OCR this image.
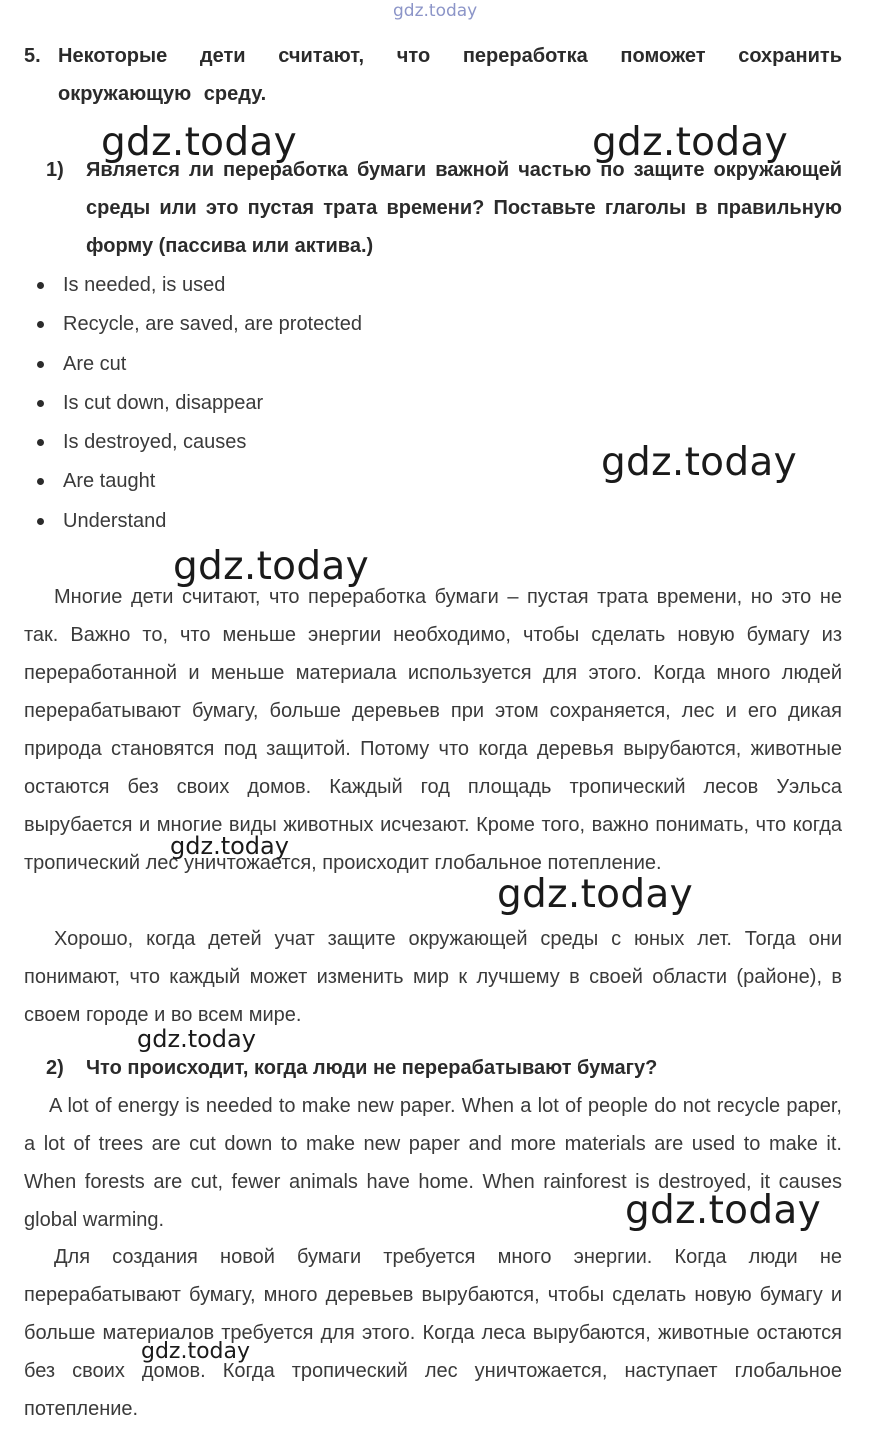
gdz.today
5. Некоторые дети считают, что переработка поможет сохранить окружающую среду.
1) Является ли переработка бумаги важной частью по защите окружающей среды или это пустая трата времени? Поставьте глаголы в правильную форму (пассива или актива.)
Is needed, is used
Recycle, are saved, are protected
Are cut
Is cut down, disappear
Is destroyed, causes
Are taught
Understand

Многие дети считают, что переработка бумаги – пустая трата времени, но это не так. Важно то, что меньше энергии необходимо, чтобы сделать новую бумагу из переработанной и меньше материала используется для этого. Когда много людей перерабатывают бумагу, больше деревьев при этом сохраняется, лес и его дикая природа становятся под защитой. Потому что когда деревья вырубаются, животные остаются без своих домов. Каждый год площадь тропический лесов Уэльса вырубается и многие виды животных исчезают. Кроме того, важно понимать, что когда тропический лес уничтожается, происходит глобальное потепление.

Хорошо, когда детей учат защите окружающей среды с юных лет. Тогда они понимают, что каждый может изменить мир к лучшему в своей области (районе), в своем городе и во всем мире.

2) Что происходит, когда люди не перерабатывают бумагу?

A lot of energy is needed to make new paper. When a lot of people do not recycle paper, a lot of trees are cut down to make new paper and more materials are used to make it. When forests are cut, fewer animals have home. When rainforest is destroyed, it causes global warming.

Для создания новой бумаги требуется много энергии. Когда люди не перерабатывают бумагу, много деревьев вырубаются, чтобы сделать новую бумагу и больше материалов требуется для этого. Когда леса вырубаются, животные остаются без своих домов. Когда тропический лес уничтожается, наступает глобальное потепление.

gdz.today	gdz.today
gdz.today
gdz.today
gdz.today
gdz.today
gdz.today
gdz.today
gdz.today
